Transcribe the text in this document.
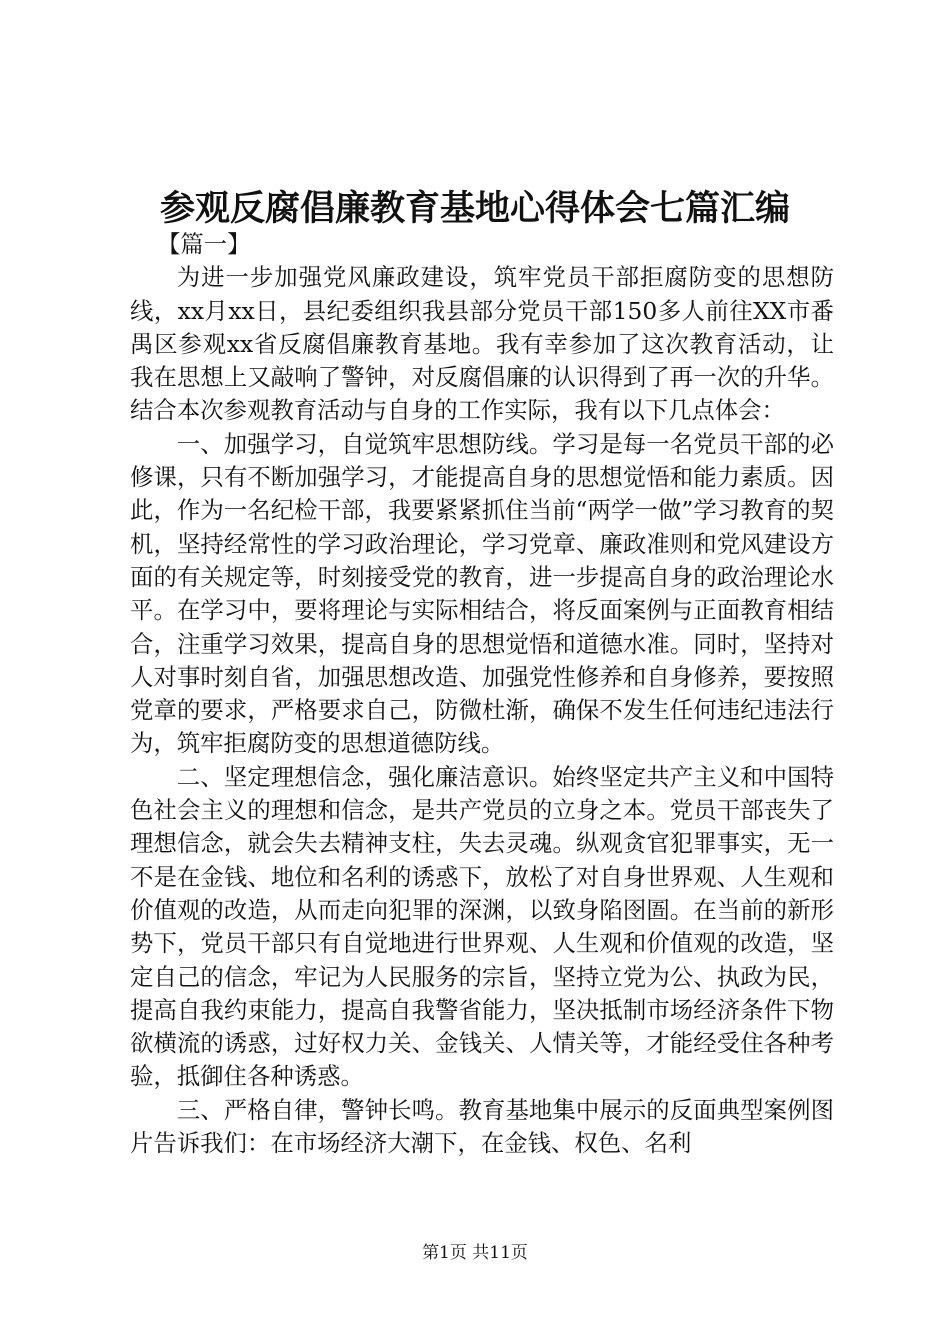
参观反腐倡廉教育基地心得体会七篇汇编

【篇一】

为进一步加强党风廉政建设，筑牢党员干部拒腐防变的思想防线，xx月xx日，县纪委组织我县部分党员干部150多人前往XX市番禺区参观xx省反腐倡廉教育基地。我有幸参加了这次教育活动，让我在思想上又敲响了警钟，对反腐倡廉的认识得到了再一次的升华。结合本次参观教育活动与自身的工作实际，我有以下几点体会：

一、加强学习，自觉筑牢思想防线。学习是每一名党员干部的必修课，只有不断加强学习，才能提高自身的思想觉悟和能力素质。因此，作为一名纪检干部，我要紧紧抓住当前“两学一做”学习教育的契机，坚持经常性的学习政治理论，学习党章、廉政准则和党风建设方面的有关规定等，时刻接受党的教育，进一步提高自身的政治理论水平。在学习中，要将理论与实际相结合，将反面案例与正面教育相结合，注重学习效果，提高自身的思想觉悟和道德水准。同时，坚持对人对事时刻自省，加强思想改造、加强党性修养和自身修养，要按照党章的要求，严格要求自己，防微杜渐，确保不发生任何违纪违法行为，筑牢拒腐防变的思想道德防线。

二、坚定理想信念，强化廉洁意识。始终坚定共产主义和中国特色社会主义的理想和信念，是共产党员的立身之本。党员干部丧失了理想信念，就会失去精神支柱，失去灵魂。纵观贪官犯罪事实，无一不是在金钱、地位和名利的诱惑下，放松了对自身世界观、人生观和价值观的改造，从而走向犯罪的深渊，以致身陷囹圄。在当前的新形势下，党员干部只有自觉地进行世界观、人生观和价值观的改造，坚定自己的信念，牢记为人民服务的宗旨，坚持立党为公、执政为民，提高自我约束能力，提高自我警省能力，坚决抵制市场经济条件下物欲横流的诱惑，过好权力关、金钱关、人情关等，才能经受住各种考验，抵御住各种诱惑。

三、严格自律，警钟长鸣。教育基地集中展示的反面典型案例图片告诉我们：在市场经济大潮下，在金钱、权色、名利

第1页 共11页
